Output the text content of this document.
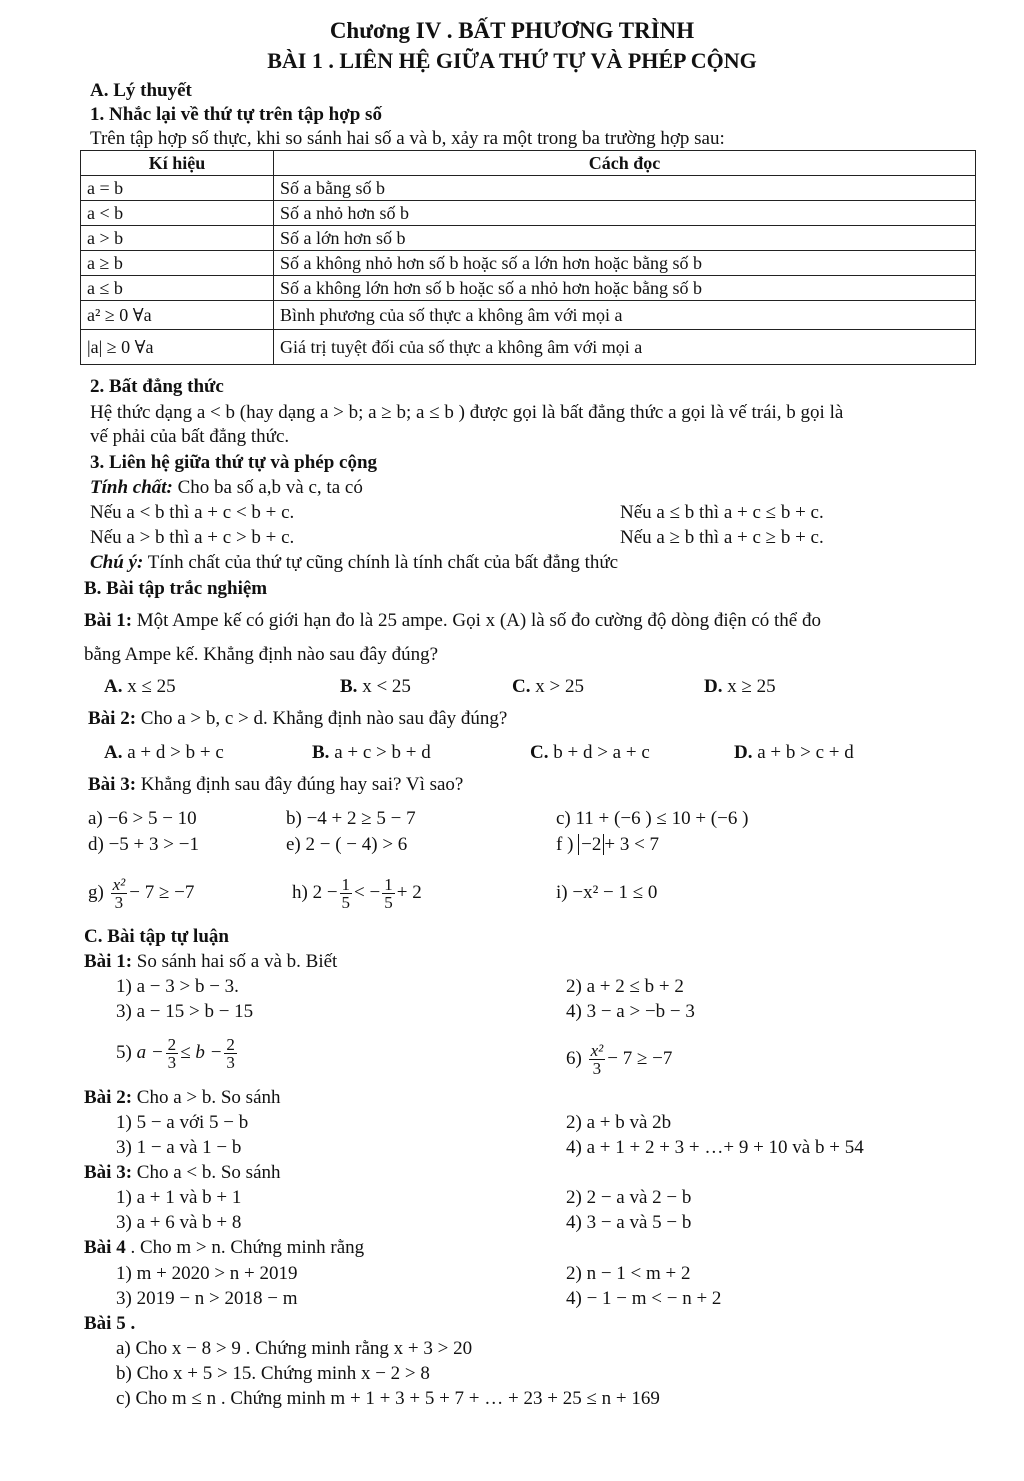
Chương IV . BẤT PHƯƠNG TRÌNH
BÀI 1 . LIÊN HỆ GIỮA THỨ TỰ VÀ PHÉP CỘNG
A. Lý thuyết
1. Nhắc lại về thứ tự trên tập hợp số
Trên tập hợp số thực, khi so sánh hai số a và b, xảy ra một trong ba trường hợp sau:
Kí hiệu	Cách đọc
a = b	Số a bằng số b
a < b	Số a nhỏ hơn số b
a > b	Số a lớn hơn số b
a ≥ b	Số a không nhỏ hơn số b hoặc số a lớn hơn hoặc bằng số b
a ≤ b	Số a không lớn hơn số b hoặc số a nhỏ hơn hoặc bằng số b
a² ≥ 0 ∀a	Bình phương của số thực a không âm với mọi a
|a| ≥ 0 ∀a	Giá trị tuyệt đối của số thực a không âm với mọi a
2. Bất đẳng thức
Hệ thức dạng a < b (hay dạng a > b; a ≥ b; a ≤ b ) được gọi là bất đẳng thức a gọi là vế trái, b gọi là
vế phải của bất đẳng thức.
3. Liên hệ giữa thứ tự và phép cộng
Tính chất: Cho ba số a,b và c, ta có
Nếu a < b thì a + c < b + c.	Nếu a ≤ b thì a + c ≤ b + c.
Nếu a > b thì a + c > b + c.	Nếu a ≥ b thì a + c ≥ b + c.
Chú ý: Tính chất của thứ tự cũng chính là tính chất của bất đẳng thức
B. Bài tập trắc nghiệm
Bài 1: Một Ampe kế có giới hạn đo là 25 ampe. Gọi x (A) là số đo cường độ dòng điện có thể đo
bằng Ampe kế. Khẳng định nào sau đây đúng?
A. x ≤ 25	B. x < 25	C. x > 25	D. x ≥ 25
Bài 2: Cho a > b, c > d. Khẳng định nào sau đây đúng?
A. a + d > b + c	B. a + c > b + d	C. b + d > a + c	D. a + b > c + d
Bài 3: Khẳng định sau đây đúng hay sai? Vì sao?
a) −6 > 5 − 10	b) −4 + 2 ≥ 5 − 7	c) 11 + (−6 ) ≤ 10 + (−6 )
d) −5 + 3 > −1	e) 2 − ( − 4) > 6	f ) −2 + 3 < 7
$g) \frac{\text{x²}}{3} - 7 \ge -7$	h) $2 - \frac{1}{5}$ < − $\frac{1}{5} + 2$	i) −x² − 1 ≤ 0
C. Bài tập tự luận
Bài 1: So sánh hai số a và b. Biết
1) a − 3 > b − 3.	2) a + 2 ≤ b + 2
3) a − 15 > b − 15	4) 3 − a > −b − 3
5) $a - \frac{2}{3} \le b - \frac{2}{3}$	$6) \frac{\text{x²}}{3} - 7 \ge -7$
Bài 2: Cho a > b. So sánh
1) 5 − a với 5 − b	2) a + b và 2b
3) 1 − a và 1 − b	4) a + 1 + 2 + 3 + …+ 9 + 10 và b + 54
Bài 3: Cho a < b. So sánh
1) a + 1 và b + 1	2) 2 − a và 2 − b
3) a + 6 và b + 8	4) 3 − a và 5 − b
Bài 4 . Cho m > n. Chứng minh rằng
1) m + 2020 > n + 2019	2) n − 1 < m + 2
3) 2019 − n > 2018 − m	4) − 1 − m < − n + 2
Bài 5 .
a) Cho x − 8 > 9 . Chứng minh rằng x + 3 > 20
b) Cho x + 5 > 15. Chứng minh x − 2 > 8
c) Cho m ≤ n . Chứng minh m + 1 + 3 + 5 + 7 + … + 23 + 25 ≤ n + 169
